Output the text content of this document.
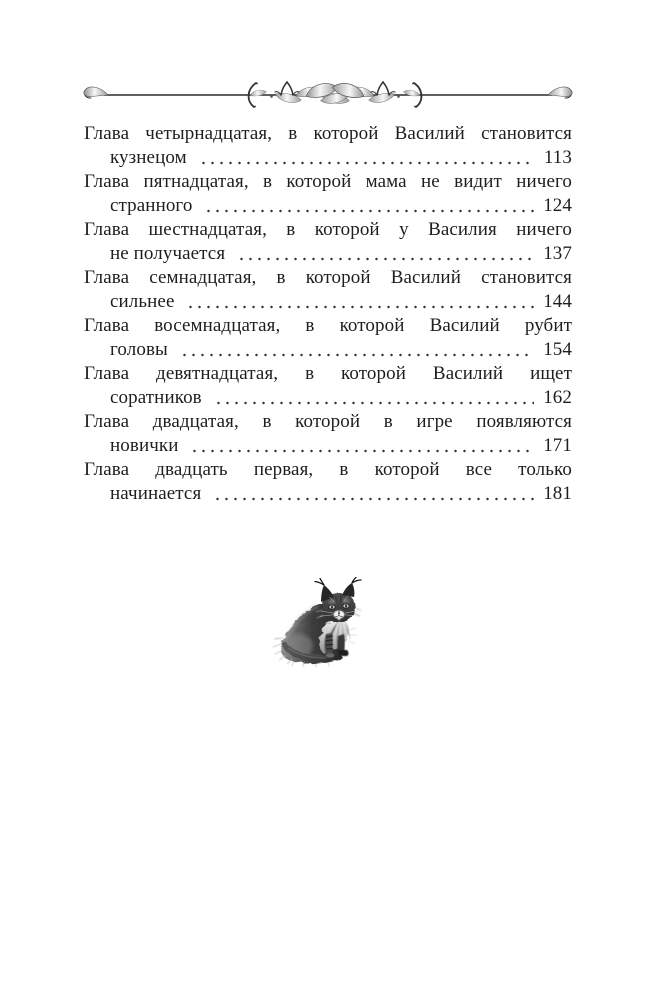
Глава четырнадцатая, в которой Василий становится
кузнецом	113
Глава пятнадцатая, в которой мама не видит ничего
странного	124
Глава шестнадцатая, в которой у Василия ничего
не получается	137
Глава семнадцатая, в которой Василий становится
сильнее	144
Глава восемнадцатая, в которой Василий рубит
головы	154
Глава девятнадцатая, в которой Василий ищет
соратников	162
Глава двадцатая, в которой в игре появляются
новички	171
Глава двадцать первая, в которой все только
начинается	181
